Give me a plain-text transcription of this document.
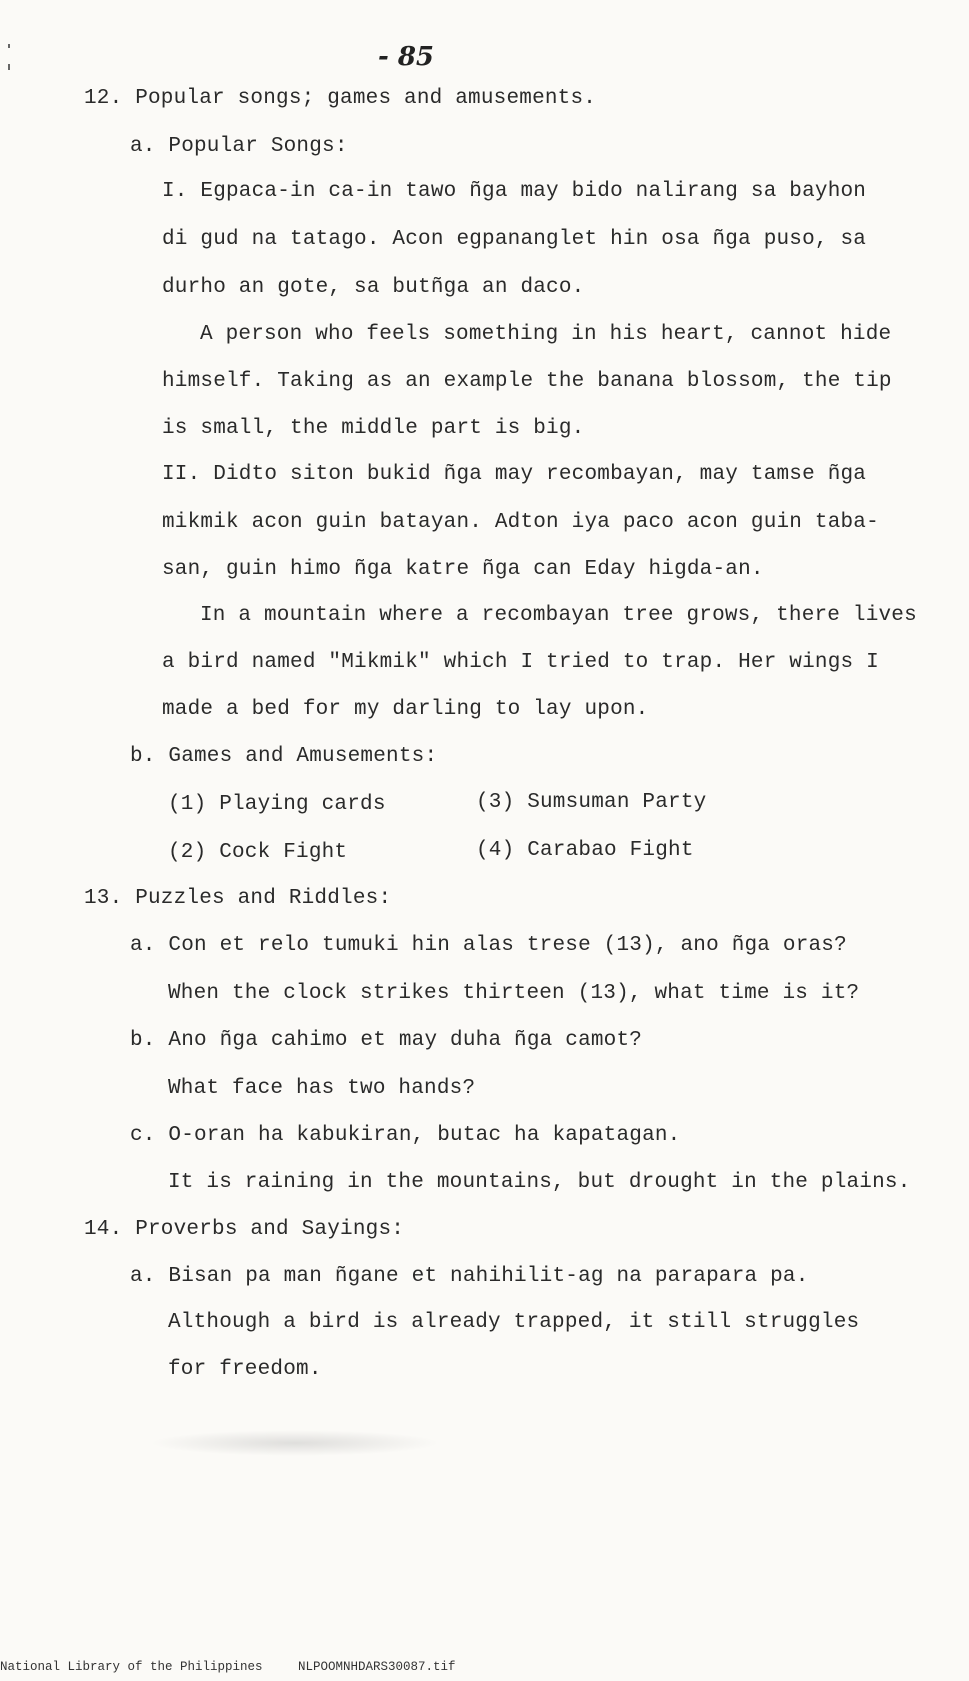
- 85
12. Popular songs; games and amusements.
a. Popular Songs:
I. Egpaca-in ca-in tawo ñga may bido nalirang sa bayhon
di gud na tatago. Acon egpananglet hin osa ñga puso, sa
durho an gote, sa butñga an daco.
A person who feels something in his heart, cannot hide
himself. Taking as an example the banana blossom, the tip
is small, the middle part is big.
II. Didto siton bukid ñga may recombayan, may tamse ñga
mikmik acon guin batayan. Adton iya paco acon guin taba-
san, guin himo ñga katre ñga can Eday higda-an.
In a mountain where a recombayan tree grows, there lives
a bird named "Mikmik" which I tried to trap. Her wings I
made a bed for my darling to lay upon.
b. Games and Amusements:
(1) Playing cards	(3) Sumsuman Party
(2) Cock Fight	(4) Carabao Fight
13. Puzzles and Riddles:
a. Con et relo tumuki hin alas trese (13), ano ñga oras?
When the clock strikes thirteen (13), what time is it?
b. Ano ñga cahimo et may duha ñga camot?
What face has two hands?
c. O-oran ha kabukiran, butac ha kapatagan.
It is raining in the mountains, but drought in the plains.
14. Proverbs and Sayings:
a. Bisan pa man ñgane et nahihilit-ag na parapara pa.
Although a bird is already trapped, it still struggles
for freedom.
National Library of the Philippines	NLPOOMNHDARS30087.tif
